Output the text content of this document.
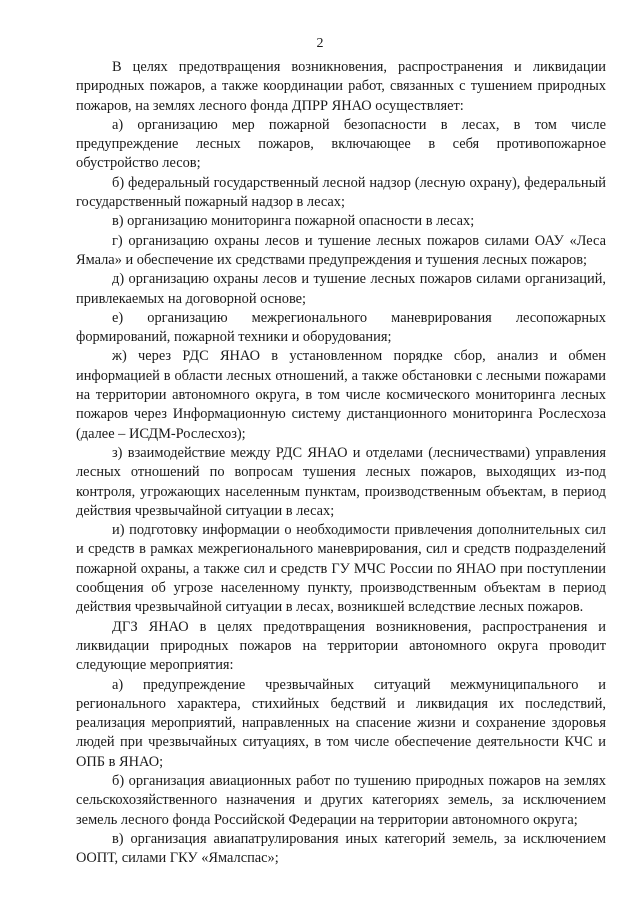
2

В целях предотвращения возникновения, распространения и ликвидации природных пожаров, а также координации работ, связанных с тушением природных пожаров, на землях лесного фонда ДПРР ЯНАО осуществляет:

а) организацию мер пожарной безопасности в лесах, в том числе предупреждение лесных пожаров, включающее в себя противопожарное обустройство лесов;

б) федеральный государственный лесной надзор (лесную охрану), федеральный государственный пожарный надзор в лесах;

в) организацию мониторинга пожарной опасности в лесах;

г) организацию охраны лесов и тушение лесных пожаров силами ОАУ «Леса Ямала» и обеспечение их средствами предупреждения и тушения лесных пожаров;

д) организацию охраны лесов и тушение лесных пожаров силами организаций, привлекаемых на договорной основе;

е) организацию межрегионального маневрирования лесопожарных формирований, пожарной техники и оборудования;

ж) через РДС ЯНАО в установленном порядке сбор, анализ и обмен информацией в области лесных отношений, а также обстановки с лесными пожарами на территории автономного округа, в том числе космического мониторинга лесных пожаров через Информационную систему дистанционного мониторинга Рослесхоза (далее – ИСДМ-Рослесхоз);

з) взаимодействие между РДС ЯНАО и отделами (лесничествами) управления лесных отношений по вопросам тушения лесных пожаров, выходящих из-под контроля, угрожающих населенным пунктам, производственным объектам, в период действия чрезвычайной ситуации в лесах;

и) подготовку информации о необходимости привлечения дополнительных сил и средств в рамках межрегионального маневрирования, сил и средств подразделений пожарной охраны, а также сил и средств ГУ МЧС России по ЯНАО при поступлении сообщения об угрозе населенному пункту, производственным объектам в период действия чрезвычайной ситуации в лесах, возникшей вследствие лесных пожаров.

ДГЗ ЯНАО в целях предотвращения возникновения, распространения и ликвидации природных пожаров на территории автономного округа проводит следующие мероприятия:

а) предупреждение чрезвычайных ситуаций межмуниципального и регионального характера, стихийных бедствий и ликвидация их последствий, реализация мероприятий, направленных на спасение жизни и сохранение здоровья людей при чрезвычайных ситуациях, в том числе обеспечение деятельности КЧС и ОПБ в ЯНАО;

б) организация авиационных работ по тушению природных пожаров на землях сельскохозяйственного назначения и других категориях земель, за исключением земель лесного фонда Российской Федерации на территории автономного округа;

в) организация авиапатрулирования иных категорий земель, за исключением ООПТ, силами ГКУ «Ямалспас»;
